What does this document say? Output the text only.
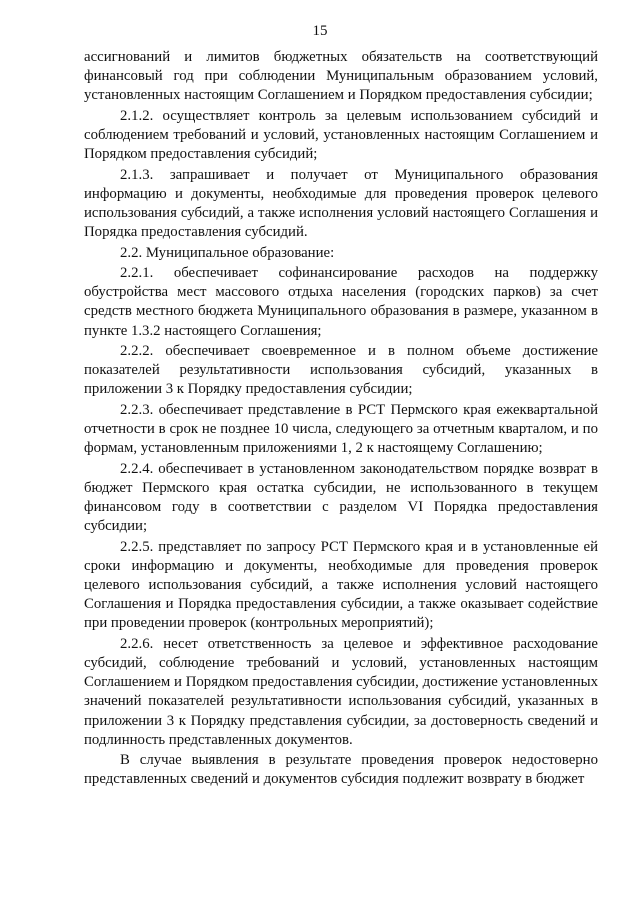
15

ассигнований и лимитов бюджетных обязательств на соответствующий финансовый год при соблюдении Муниципальным образованием условий, установленных настоящим Соглашением и Порядком предоставления субсидии;

2.1.2. осуществляет контроль за целевым использованием субсидий и соблюдением требований и условий, установленных настоящим Соглашением и Порядком предоставления субсидий;

2.1.3. запрашивает и получает от Муниципального образования информацию и документы, необходимые для проведения проверок целевого использования субсидий, а также исполнения условий настоящего Соглашения и Порядка предоставления субсидий.

2.2. Муниципальное образование:

2.2.1. обеспечивает софинансирование расходов на поддержку обустройства мест массового отдыха населения (городских парков) за счет средств местного бюджета Муниципального образования в размере, указанном в пункте 1.3.2 настоящего Соглашения;

2.2.2. обеспечивает своевременное и в полном объеме достижение показателей результативности использования субсидий, указанных в приложении 3 к Порядку предоставления субсидии;

2.2.3. обеспечивает представление в РСТ Пермского края ежеквартальной отчетности в срок не позднее 10 числа, следующего за отчетным кварталом, и по формам, установленным приложениями 1, 2 к настоящему Соглашению;

2.2.4. обеспечивает в установленном законодательством порядке возврат в бюджет Пермского края остатка субсидии, не использованного в текущем финансовом году в соответствии с разделом VI Порядка предоставления субсидии;

2.2.5. представляет по запросу РСТ Пермского края и в установленные ей сроки информацию и документы, необходимые для проведения проверок целевого использования субсидий, а также исполнения условий настоящего Соглашения и Порядка предоставления субсидии, а также оказывает содействие при проведении проверок (контрольных мероприятий);

2.2.6. несет ответственность за целевое и эффективное расходование субсидий, соблюдение требований и условий, установленных настоящим Соглашением и Порядком предоставления субсидии, достижение установленных значений показателей результативности использования субсидий, указанных в приложении 3 к Порядку представления субсидии, за достоверность сведений и подлинность представленных документов.

В случае выявления в результате проведения проверок недостоверно представленных сведений и документов субсидия подлежит возврату в бюджет
